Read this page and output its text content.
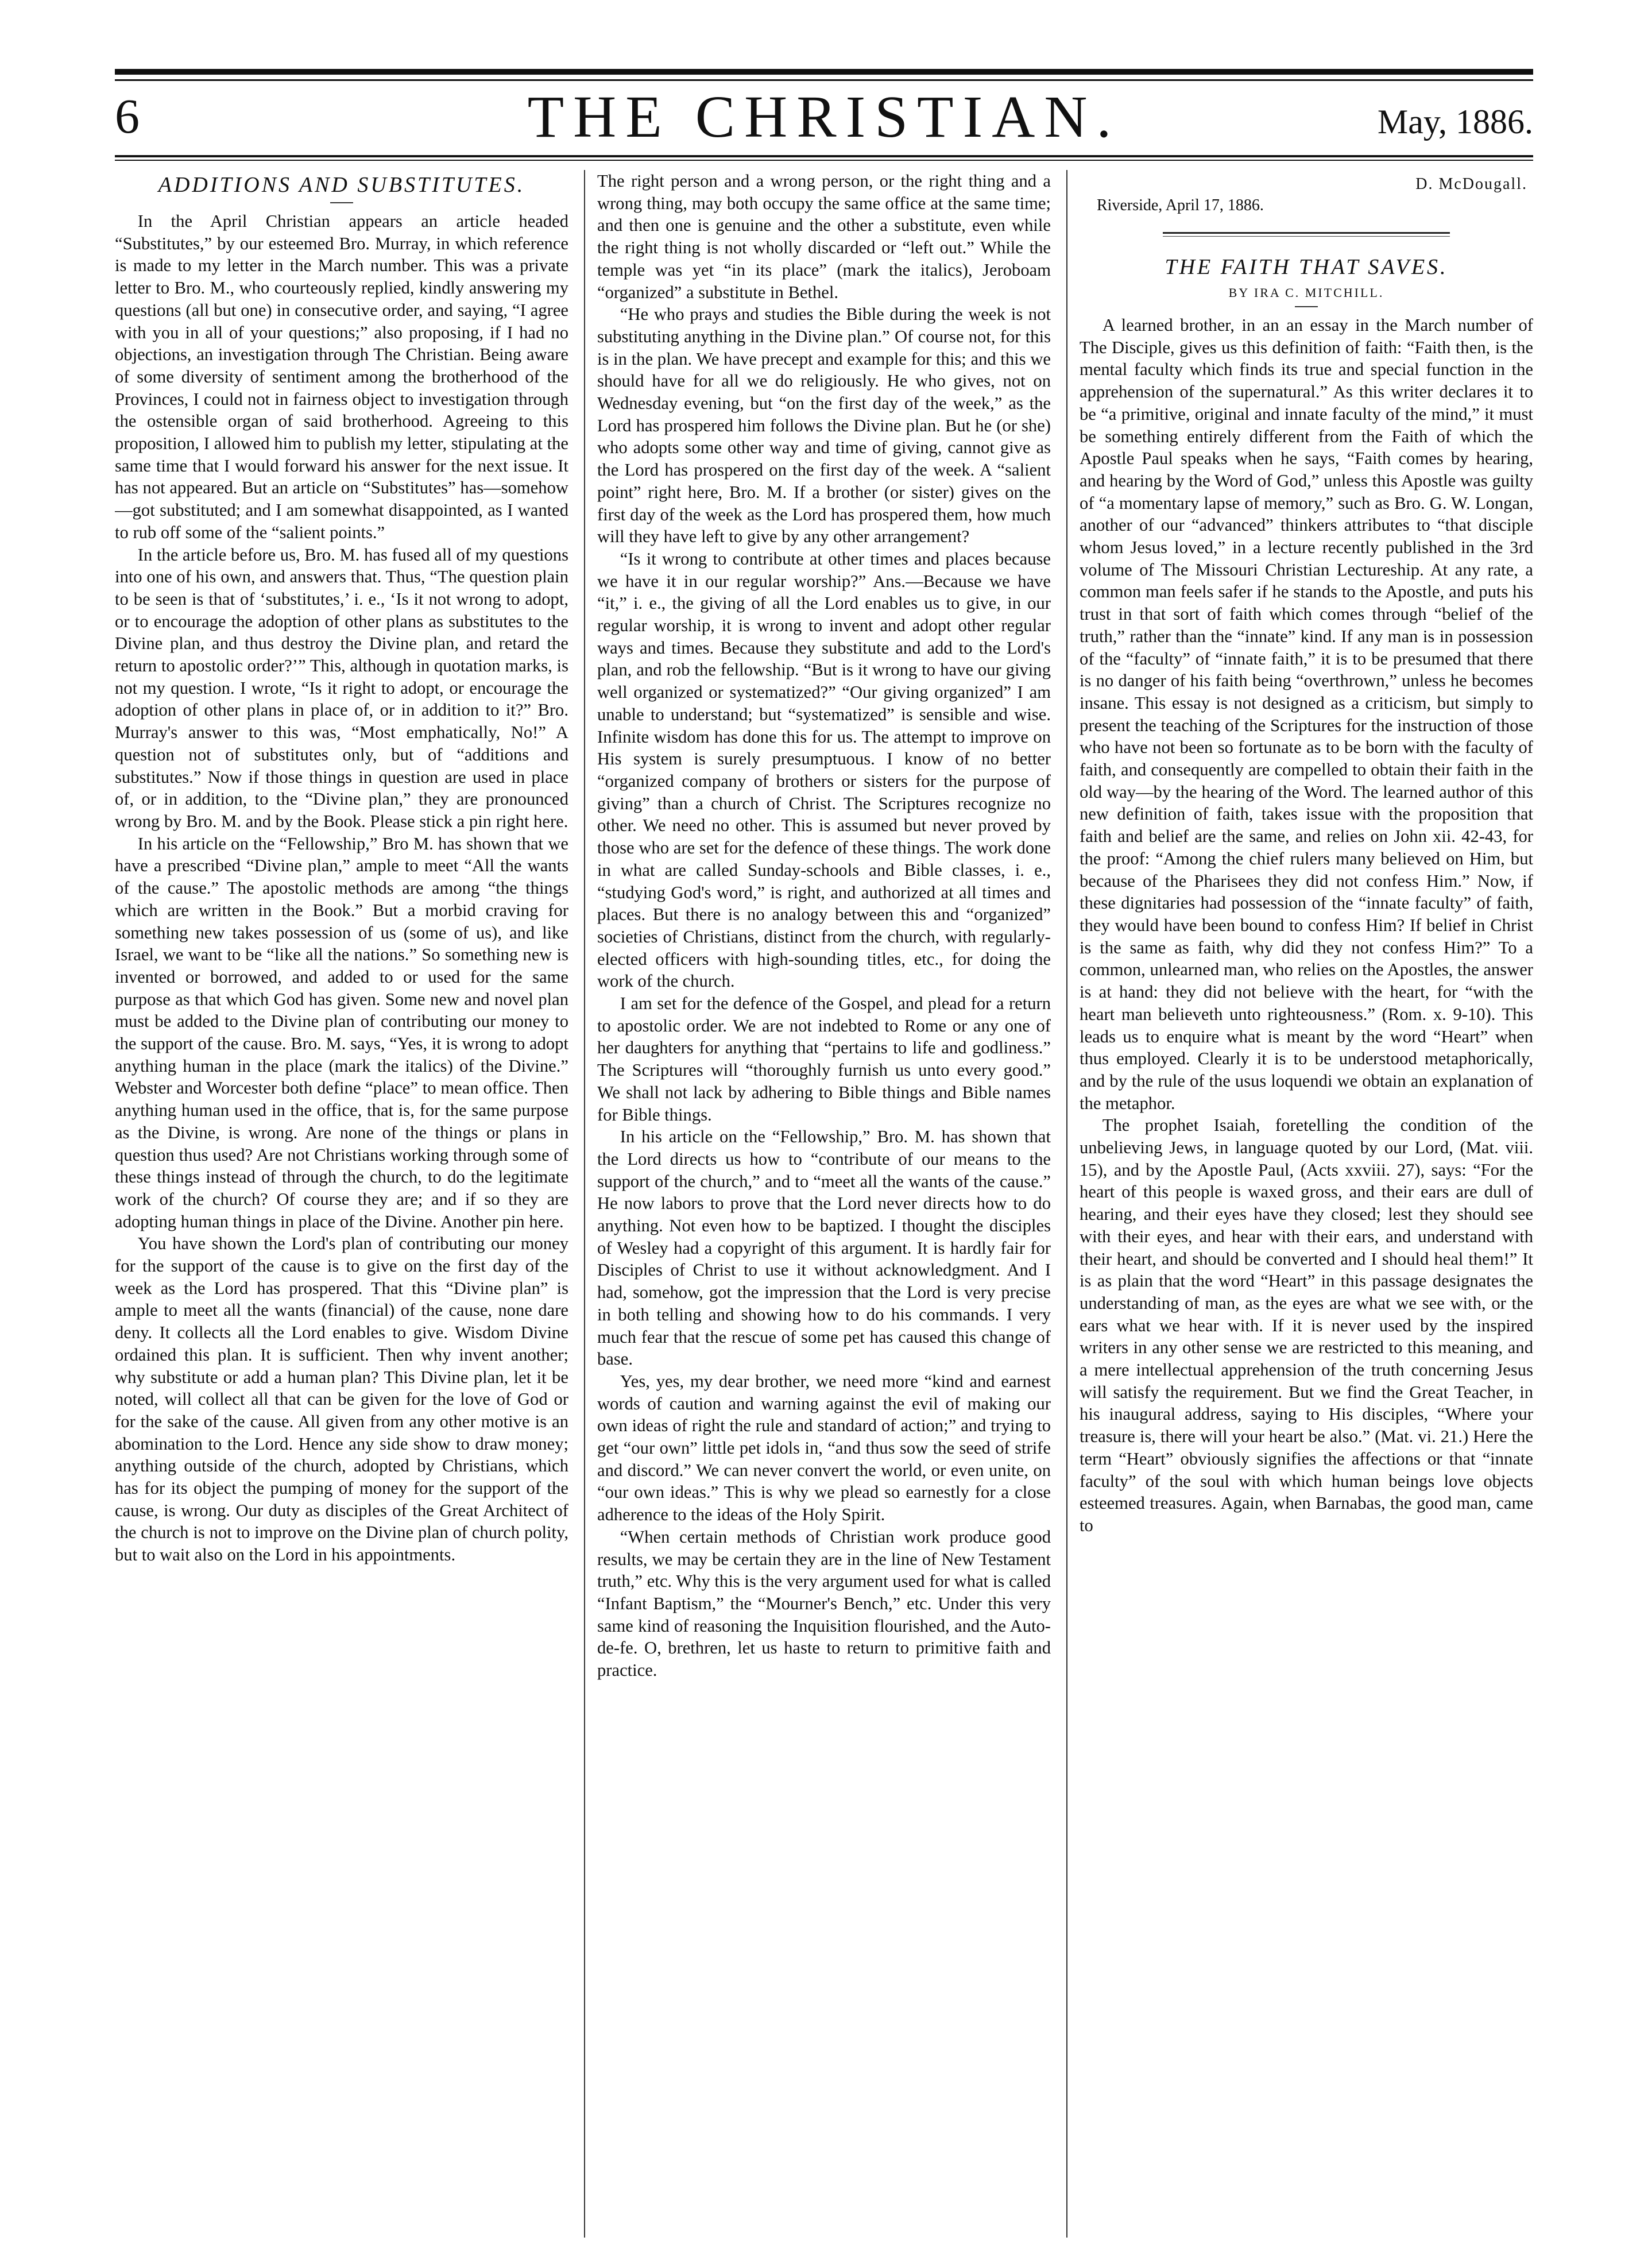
6	THE CHRISTIAN.	May, 1886.
ADDITIONS AND SUBSTITUTES.

In the April Christian appears an article headed “Substitutes,” by our esteemed Bro. Murray, in which reference is made to my letter in the March number. This was a private letter to Bro. M., who courteously replied, kindly answering my questions (all but one) in consecutive order, and saying, “I agree with you in all of your questions;” also proposing, if I had no objections, an investigation through The Christian. Being aware of some diversity of sentiment among the brotherhood of the Provinces, I could not in fairness object to investigation through the ostensible organ of said brotherhood. Agreeing to this proposition, I allowed him to publish my letter, stipulating at the same time that I would forward his answer for the next issue. It has not appeared. But an article on “Substitutes” has—somehow—got substituted; and I am somewhat disappointed, as I wanted to rub off some of the “salient points.”

In the article before us, Bro. M. has fused all of my questions into one of his own, and answers that. Thus, “The question plain to be seen is that of ‘substitutes,’ i. e., ‘Is it not wrong to adopt, or to encourage the adoption of other plans as substitutes to the Divine plan, and thus destroy the Divine plan, and retard the return to apostolic order?’” This, although in quotation marks, is not my question. I wrote, “Is it right to adopt, or encourage the adoption of other plans in place of, or in addition to it?” Bro. Murray's answer to this was, “Most emphatically, No!” A question not of substitutes only, but of “additions and substitutes.” Now if those things in question are used in place of, or in addition, to the “Divine plan,” they are pronounced wrong by Bro. M. and by the Book. Please stick a pin right here.

In his article on the “Fellowship,” Bro M. has shown that we have a prescribed “Divine plan,” ample to meet “All the wants of the cause.” The apostolic methods are among “the things which are written in the Book.” But a morbid craving for something new takes possession of us (some of us), and like Israel, we want to be “like all the nations.” So something new is invented or borrowed, and added to or used for the same purpose as that which God has given. Some new and novel plan must be added to the Divine plan of contributing our money to the support of the cause. Bro. M. says, “Yes, it is wrong to adopt anything human in the place (mark the italics) of the Divine.” Webster and Worcester both define “place” to mean office. Then anything human used in the office, that is, for the same purpose as the Divine, is wrong. Are none of the things or plans in question thus used? Are not Christians working through some of these things instead of through the church, to do the legitimate work of the church? Of course they are; and if so they are adopting human things in place of the Divine. Another pin here.

You have shown the Lord's plan of contributing our money for the support of the cause is to give on the first day of the week as the Lord has prospered. That this “Divine plan” is ample to meet all the wants (financial) of the cause, none dare deny. It collects all the Lord enables to give. Wisdom Divine ordained this plan. It is sufficient. Then why invent another; why substitute or add a human plan? This Divine plan, let it be noted, will collect all that can be given for the love of God or for the sake of the cause. All given from any other motive is an abomination to the Lord. Hence any side show to draw money; anything outside of the church, adopted by Christians, which has for its object the pumping of money for the support of the cause, is wrong. Our duty as disciples of the Great Architect of the church is not to improve on the Divine plan of church polity, but to wait also on the Lord in his appointments.

The right person and a wrong person, or the right thing and a wrong thing, may both occupy the same office at the same time; and then one is genuine and the other a substitute, even while the right thing is not wholly discarded or “left out.” While the temple was yet “in its place” (mark the italics), Jeroboam “organized” a substitute in Bethel.

“He who prays and studies the Bible during the week is not substituting anything in the Divine plan.” Of course not, for this is in the plan. We have precept and example for this; and this we should have for all we do religiously. He who gives, not on Wednesday evening, but “on the first day of the week,” as the Lord has prospered him follows the Divine plan. But he (or she) who adopts some other way and time of giving, cannot give as the Lord has prospered on the first day of the week. A “salient point” right here, Bro. M. If a brother (or sister) gives on the first day of the week as the Lord has prospered them, how much will they have left to give by any other arrangement?

“Is it wrong to contribute at other times and places because we have it in our regular worship?” Ans.—Because we have “it,” i. e., the giving of all the Lord enables us to give, in our regular worship, it is wrong to invent and adopt other regular ways and times. Because they substitute and add to the Lord's plan, and rob the fellowship. “But is it wrong to have our giving well organized or systematized?” “Our giving organized” I am unable to understand; but “systematized” is sensible and wise. Infinite wisdom has done this for us. The attempt to improve on His system is surely presumptuous. I know of no better “organized company of brothers or sisters for the purpose of giving” than a church of Christ. The Scriptures recognize no other. We need no other. This is assumed but never proved by those who are set for the defence of these things. The work done in what are called Sunday-schools and Bible classes, i. e., “studying God's word,” is right, and authorized at all times and places. But there is no analogy between this and “organized” societies of Christians, distinct from the church, with regularly-elected officers with high-sounding titles, etc., for doing the work of the church.

I am set for the defence of the Gospel, and plead for a return to apostolic order. We are not indebted to Rome or any one of her daughters for anything that “pertains to life and godliness.” The Scriptures will “thoroughly furnish us unto every good.” We shall not lack by adhering to Bible things and Bible names for Bible things.

In his article on the “Fellowship,” Bro. M. has shown that the Lord directs us how to “contribute of our means to the support of the church,” and to “meet all the wants of the cause.” He now labors to prove that the Lord never directs how to do anything. Not even how to be baptized. I thought the disciples of Wesley had a copyright of this argument. It is hardly fair for Disciples of Christ to use it without acknowledgment. And I had, somehow, got the impression that the Lord is very precise in both telling and showing how to do his commands. I very much fear that the rescue of some pet has caused this change of base.

Yes, yes, my dear brother, we need more “kind and earnest words of caution and warning against the evil of making our own ideas of right the rule and standard of action;” and trying to get “our own” little pet idols in, “and thus sow the seed of strife and discord.” We can never convert the world, or even unite, on “our own ideas.” This is why we plead so earnestly for a close adherence to the ideas of the Holy Spirit.

“When certain methods of Christian work produce good results, we may be certain they are in the line of New Testament truth,” etc. Why this is the very argument used for what is called “Infant Baptism,” the “Mourner's Bench,” etc. Under this very same kind of reasoning the Inquisition flourished, and the Auto-de-fe. O, brethren, let us haste to return to primitive faith and practice.

D. McDougall.
Riverside, April 17, 1886.
THE FAITH THAT SAVES.
BY IRA C. MITCHILL.

A learned brother, in an an essay in the March number of The Disciple, gives us this definition of faith: “Faith then, is the mental faculty which finds its true and special function in the apprehension of the supernatural.” As this writer declares it to be “a primitive, original and innate faculty of the mind,” it must be something entirely different from the Faith of which the Apostle Paul speaks when he says, “Faith comes by hearing, and hearing by the Word of God,” unless this Apostle was guilty of “a momentary lapse of memory,” such as Bro. G. W. Longan, another of our “advanced” thinkers attributes to “that disciple whom Jesus loved,” in a lecture recently published in the 3rd volume of The Missouri Christian Lectureship. At any rate, a common man feels safer if he stands to the Apostle, and puts his trust in that sort of faith which comes through “belief of the truth,” rather than the “innate” kind. If any man is in possession of the “faculty” of “innate faith,” it is to be presumed that there is no danger of his faith being “overthrown,” unless he becomes insane. This essay is not designed as a criticism, but simply to present the teaching of the Scriptures for the instruction of those who have not been so fortunate as to be born with the faculty of faith, and consequently are compelled to obtain their faith in the old way—by the hearing of the Word. The learned author of this new definition of faith, takes issue with the proposition that faith and belief are the same, and relies on John xii. 42-43, for the proof: “Among the chief rulers many believed on Him, but because of the Pharisees they did not confess Him.” Now, if these dignitaries had possession of the “innate faculty” of faith, they would have been bound to confess Him? If belief in Christ is the same as faith, why did they not confess Him?” To a common, unlearned man, who relies on the Apostles, the answer is at hand: they did not believe with the heart, for “with the heart man believeth unto righteousness.” (Rom. x. 9-10). This leads us to enquire what is meant by the word “Heart” when thus employed. Clearly it is to be understood metaphorically, and by the rule of the usus loquendi we obtain an explanation of the metaphor.

The prophet Isaiah, foretelling the condition of the unbelieving Jews, in language quoted by our Lord, (Mat. viii. 15), and by the Apostle Paul, (Acts xxviii. 27), says: “For the heart of this people is waxed gross, and their ears are dull of hearing, and their eyes have they closed; lest they should see with their eyes, and hear with their ears, and understand with their heart, and should be converted and I should heal them!” It is as plain that the word “Heart” in this passage designates the understanding of man, as the eyes are what we see with, or the ears what we hear with. If it is never used by the inspired writers in any other sense we are restricted to this meaning, and a mere intellectual apprehension of the truth concerning Jesus will satisfy the requirement. But we find the Great Teacher, in his inaugural address, saying to His disciples, “Where your treasure is, there will your heart be also.” (Mat. vi. 21.) Here the term “Heart” obviously signifies the affections or that “innate faculty” of the soul with which human beings love objects esteemed treasures. Again, when Barnabas, the good man, came to
